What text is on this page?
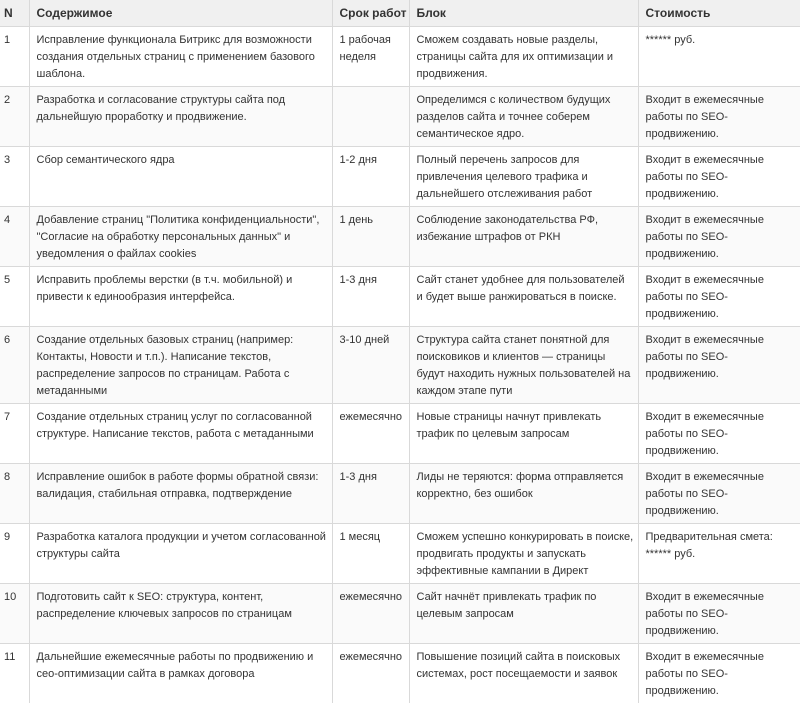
N	Содержимое	Срок работ	Блок	Стоимость
1	Исправление функционала Битрикс для возможности создания отдельных страниц с применением базового шаблона.	1 рабочая неделя	Сможем создавать новые разделы, страницы сайта для их оптимизации и продвижения.	****** руб.
2	Разработка и согласование структуры сайта под дальнейшую проработку и продвижение.		Определимся с количеством будущих разделов сайта и точнее соберем семантическое ядро.	Входит в ежемесячные работы по SEO-продвижению.
3	Сбор семантического ядра	1-2 дня	Полный перечень запросов для привлечения целевого трафика и дальнейшего отслеживания работ	Входит в ежемесячные работы по SEO-продвижению.
4	Добавление страниц "Политика конфиденциальности", "Согласие на обработку персональных данных" и уведомления о файлах cookies	1 день	Соблюдение законодательства РФ, избежание штрафов от РКН	Входит в ежемесячные работы по SEO-продвижению.
5	Исправить проблемы верстки (в т.ч. мобильной) и привести к единообразия интерфейса.	1-3 дня	Сайт станет удобнее для пользователей и будет выше ранжироваться в поиске.	Входит в ежемесячные работы по SEO-продвижению.
6	Создание отдельных базовых страниц (например: Контакты, Новости и т.п.). Написание текстов, распределение запросов по страницам. Работа с метаданными	3-10 дней	Структура сайта станет понятной для поисковиков и клиентов — страницы будут находить нужных пользователей на каждом этапе пути	Входит в ежемесячные работы по SEO-продвижению.
7	Создание отдельных страниц услуг по согласованной структуре. Написание текстов, работа с метаданными	ежемесячно	Новые страницы начнут привлекать трафик по целевым запросам	Входит в ежемесячные работы по SEO-продвижению.
8	Исправление ошибок в работе формы обратной связи: валидация, стабильная отправка, подтверждение	1-3 дня	Лиды не теряются: форма отправляется корректно, без ошибок	Входит в ежемесячные работы по SEO-продвижению.
9	Разработка каталога продукции и учетом согласованной структуры сайта	1 месяц	Сможем успешно конкурировать в поиске, продвигать продукты и запускать эффективные кампании в Директ	Предварительная смета: ****** руб.
10	Подготовить сайт к SEO: структура, контент, распределение ключевых запросов по страницам	ежемесячно	Сайт начнёт привлекать трафик по целевым запросам	Входит в ежемесячные работы по SEO-продвижению.
11	Дальнейшие ежемесячные работы по продвижению и сео-оптимизации сайта в рамках договора	ежемесячно	Повышение позиций сайта в поисковых системах, рост посещаемости и заявок	Входит в ежемесячные работы по SEO-продвижению.
